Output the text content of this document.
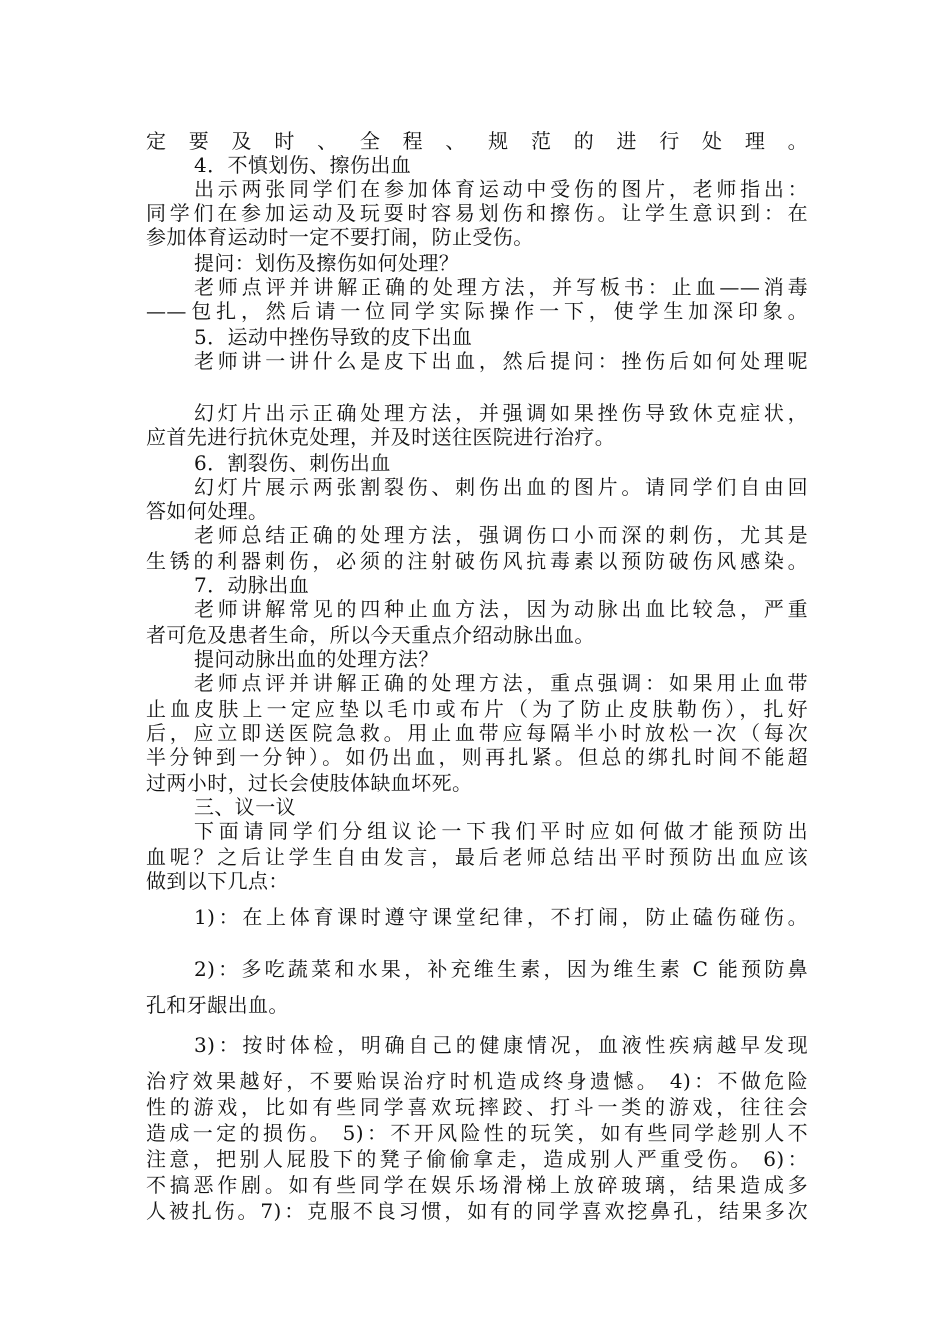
定要及时、全程、规范的进行处理。
4．不慎划伤、擦伤出血
出示两张同学们在参加体育运动中受伤的图片，老师指出：
同学们在参加运动及玩耍时容易划伤和擦伤。让学生意识到：在
参加体育运动时一定不要打闹，防止受伤。
提问：划伤及擦伤如何处理？
老师点评并讲解正确的处理方法，并写板书：止血——消毒
——包扎，然后请一位同学实际操作一下，使学生加深印象。
5．运动中挫伤导致的皮下出血
老师讲一讲什么是皮下出血，然后提问：挫伤后如何处理呢
幻灯片出示正确处理方法，并强调如果挫伤导致休克症状，
应首先进行抗休克处理，并及时送往医院进行治疗。
6．割裂伤、刺伤出血
幻灯片展示两张割裂伤、刺伤出血的图片。请同学们自由回
答如何处理。
老师总结正确的处理方法，强调伤口小而深的刺伤，尤其是
生锈的利器刺伤，必须的注射破伤风抗毒素以预防破伤风感染。
7．动脉出血
老师讲解常见的四种止血方法，因为动脉出血比较急，严重
者可危及患者生命，所以今天重点介绍动脉出血。
提问动脉出血的处理方法？
老师点评并讲解正确的处理方法，重点强调：如果用止血带
止血皮肤上一定应垫以毛巾或布片（为了防止皮肤勒伤），扎好
后，应立即送医院急救。用止血带应每隔半小时放松一次（每次
半分钟到一分钟）。如仍出血，则再扎紧。但总的绑扎时间不能超
过两小时，过长会使肢体缺血坏死。
三、议一议
下面请同学们分组议论一下我们平时应如何做才能预防出
血呢？之后让学生自由发言，最后老师总结出平时预防出血应该
做到以下几点：
1)：在上体育课时遵守课堂纪律，不打闹，防止磕伤碰伤。
2)：多吃蔬菜和水果，补充维生素，因为维生素 C 能预防鼻
孔和牙龈出血。
3)：按时体检，明确自己的健康情况，血液性疾病越早发现
治疗效果越好，不要贻误治疗时机造成终身遗憾。 4)：不做危险
性的游戏，比如有些同学喜欢玩摔跤、打斗一类的游戏，往往会
造成一定的损伤。 5)：不开风险性的玩笑，如有些同学趁别人不
注意，把别人屁股下的凳子偷偷拿走，造成别人严重受伤。 6)：
不搞恶作剧。如有些同学在娱乐场滑梯上放碎玻璃，结果造成多
人被扎伤。7)：克服不良习惯，如有的同学喜欢挖鼻孔，结果多次
